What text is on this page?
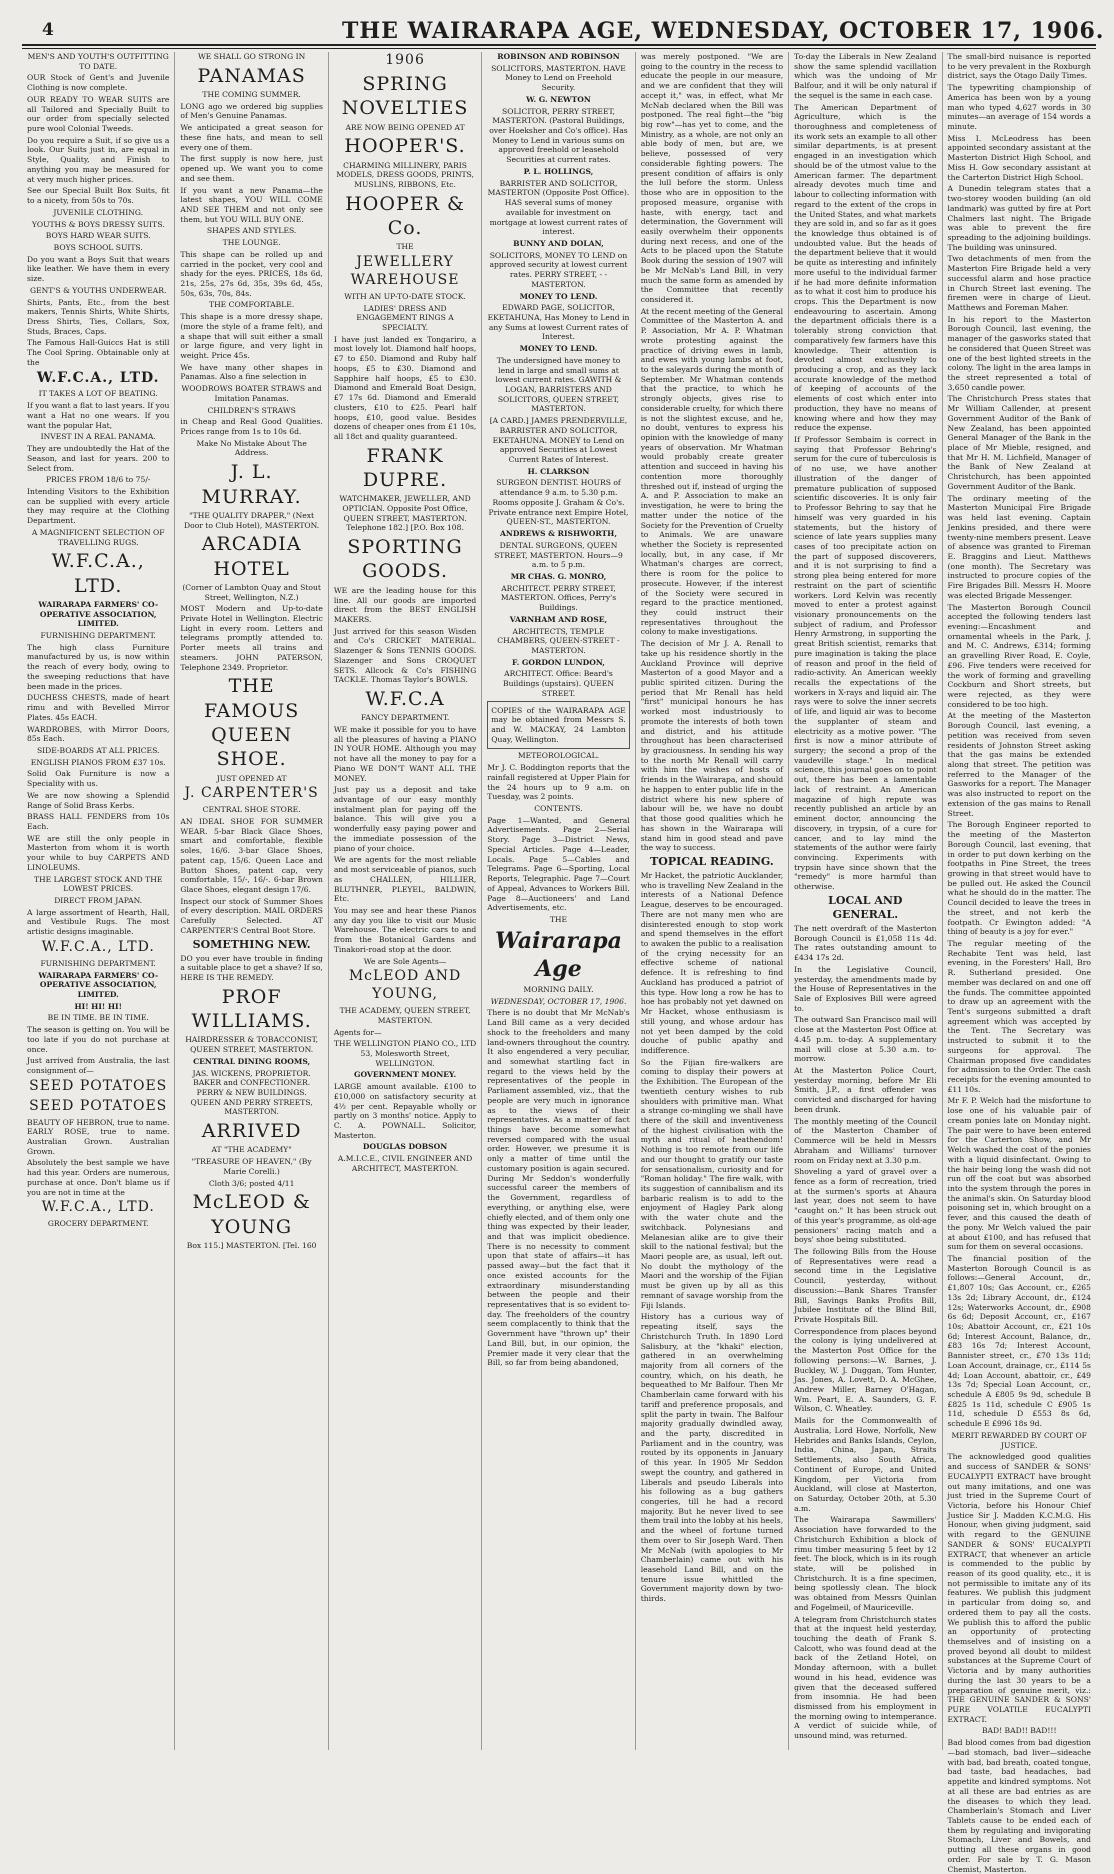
4	THE WAIRARAPA AGE, WEDNESDAY, OCTOBER 17, 1906.

MEN'S AND YOUTH'S OUTFITTING TO DATE.

OUR Stock of Gent's and Juvenile Clothing is now complete.

OUR READY TO WEAR SUITS are all Tailored and Specially Built to our order from specially selected pure wool Colonial Tweeds.

Do you require a Suit, if so give us a look. Our Suits just in, are equal in Style, Quality, and Finish to anything you may be measured for at very much higher prices.

See our Special Built Box Suits, fit to a nicety, from 50s to 70s.

JUVENILE CLOTHING.

YOUTHS & BOYS DRESSY SUITS.

BOYS HARD WEAR SUITS.

BOYS SCHOOL SUITS.

Do you want a Boys Suit that wears like leather. We have them in every size.

GENT'S & YOUTHS UNDERWEAR.

Shirts, Pants, Etc., from the best makers, Tennis Shirts, White Shirts, Dress Shirts, Ties, Collars, Sox, Studs, Braces, Caps.

The Famous Hall-Guiccs Hat is still The Cool Spring. Obtainable only at the

W.F.C.A., LTD.

IT TAKES A LOT OF BEATING.

If you want a flat to last years. If you want a Hat no one wears. If you want the popular Hat,

INVEST IN A REAL PANAMA.

They are undoubtedly the Hat of the Season, and last for years. 200 to Select from.

PRICES FROM 18/6 to 75/-

Intending Visitors to the Exhibition can be supplied with every article they may require at the Clothing Department.

A MAGNIFICENT SELECTION OF TRAVELLING RUGS.

W.F.C.A., LTD.

WAIRARAPA FARMERS' CO-OPERATIVE ASSOCIATION, LIMITED.

FURNISHING DEPARTMENT.

The high class Furniture manufactured by us, is now within the reach of every body, owing to the sweeping reductions that have been made in the prices.

DUCHESS CHESTS, made of heart rimu and with Bevelled Mirror Plates. 45s EACH.

WARDROBES, with Mirror Doors, 85s Each.

SIDE-BOARDS AT ALL PRICES.

ENGLISH PIANOS FROM £37 10s.

Solid Oak Furniture is now a Speciality with us.

We are now showing a Splendid Range of Solid Brass Kerbs.

BRASS HALL FENDERS from 10s Each.

WE are still the only people in Masterton from whom it is worth your while to buy CARPETS AND LINOLEUMS.

THE LARGEST STOCK AND THE LOWEST PRICES.

DIRECT FROM JAPAN.

A large assortment of Hearth, Hall, and Vestibule Rugs. The most artistic designs imaginable.

W.F.C.A., LTD.

FURNISHING DEPARTMENT.

WAIRARAPA FARMERS' CO-OPERATIVE ASSOCIATION, LIMITED.

HI! HI! HI!

BE IN TIME. BE IN TIME.

The season is getting on. You will be too late if you do not purchase at once.

Just arrived from Australia, the last consignment of—

SEED POTATOES

SEED POTATOES

BEAUTY OF HEBRON, true to name. EARLY ROSE, true to name. Australian Grown. Australian Grown.

Absolutely the best sample we have had this year. Orders are numerous, purchase at once. Don't blame us if you are not in time at the

W.F.C.A., LTD.

GROCERY DEPARTMENT.

WE SHALL GO STRONG IN

PANAMAS

THE COMING SUMMER.

LONG ago we ordered big supplies of Men's Genuine Panamas.

We anticipated a great season for these fine hats, and mean to sell every one of them.

The first supply is now here, just opened up. We want you to come and see them.

If you want a new Panama—the latest shapes, YOU WILL COME AND SEE THEM and not only see them, but YOU WILL BUY ONE.

SHAPES AND STYLES.

THE LOUNGE.

This shape can be rolled up and carried in the pocket, very cool and shady for the eyes. PRICES, 18s 6d, 21s, 25s, 27s 6d, 35s, 39s 6d, 45s, 50s, 63s, 70s, 84s.

THE COMFORTABLE.

This shape is a more dressy shape, (more the style of a frame felt), and a shape that will suit either a small or large figure, and very light in weight. Price 45s.

We have many other shapes in Panamas. Also a fine selection in

WOODROWS BOATER STRAWS and Imitation Panamas.

CHILDREN'S STRAWS

in Cheap and Real Good Qualities. Prices range from 1s to 10s 6d.

Make No Mistake About The Address.

J. L. MURRAY.

"THE QUALITY DRAPER," (Next Door to Club Hotel), MASTERTON.

ARCADIA HOTEL

(Corner of Lambton Quay and Stout Street, Wellington, N.Z.)

MOST Modern and Up-to-date Private Hotel in Wellington. Electric Light in every room. Letters and telegrams promptly attended to. Porter meets all trains and steamers. JOHN PATERSON, Telephone 2349. Proprietor.

THE FAMOUS QUEEN SHOE.

JUST OPENED AT

J. CARPENTER'S

CENTRAL SHOE STORE.

AN IDEAL SHOE FOR SUMMER WEAR. 5-bar Black Glace Shoes, smart and comfortable, flexible soles, 16/6. 3-bar Glace Shoes, patent cap, 15/6. Queen Lace and Button Shoes, patent cap, very comfortable, 15/-, 16/-. 6-bar Brown Glace Shoes, elegant design 17/6.

Inspect our stock of Summer Shoes of every description. MAIL ORDERS Carefully Selected. AT CARPENTER'S Central Boot Store.

SOMETHING NEW.

DO you ever have trouble in finding a suitable place to get a shave? If so, HERE IS THE REMEDY.

PROF WILLIAMS.

HAIRDRESSER & TOBACCONIST, QUEEN STREET, MASTERTON.

CENTRAL DINING ROOMS,

JAS. WICKENS, PROPRIETOR. BAKER and CONFECTIONER. PERRY & NEW BUILDINGS. QUEEN AND PERRY STREETS, MASTERTON.

ARRIVED

AT "THE ACADEMY"

"TREASURE OF HEAVEN," (By Marie Corelli.)

Cloth 3/6; posted 4/11

McLEOD & YOUNG

Box 115.] MASTERTON. [Tel. 160

1906

SPRING NOVELTIES

ARE NOW BEING OPENED AT

HOOPER'S.

CHARMING MILLINERY, PARIS MODELS, DRESS GOODS, PRINTS, MUSLINS, RIBBONS, Etc.

HOOPER & Co.

THE

JEWELLERY WAREHOUSE

WITH AN UP-TO-DATE STOCK.

LADIES' DRESS AND ENGAGEMENT RINGS A SPECIALTY.

I have just landed ex Tongariro, a most lovely lot. Diamond half hoops, £7 to £50. Diamond and Ruby half hoops, £5 to £30. Diamond and Sapphire half hoops, £5 to £30. Diamond and Emerald Boat Design, £7 17s 6d. Diamond and Emerald clusters, £10 to £25. Pearl half hoops, £10, good value. Besides dozens of cheaper ones from £1 10s, all 18ct and quality guaranteed.

FRANK DUPRE.

WATCHMAKER, JEWELLER, AND OPTICIAN. Opposite Post Office, QUEEN STREET, MASTERTON. Telephone 182.] [P.O. Box 108.

SPORTING GOODS.

WE are the leading house for this line. All our goods are imported direct from the BEST ENGLISH MAKERS.

Just arrived for this season Wisden and Co's CRICKET MATERIAL. Slazenger & Sons TENNIS GOODS. Slazenger and Sons CROQUET SETS. Allcock & Co's FISHING TACKLE. Thomas Taylor's BOWLS.

W.F.C.A

FANCY DEPARTMENT.

WE make it possible for you to have all the pleasures of having a PIANO IN YOUR HOME. Although you may not have all the money to pay for a Piano WE DON'T WANT ALL THE MONEY.

Just pay us a deposit and take advantage of our easy monthly instalment plan for paying off the balance. This will give you a wonderfully easy paying power and the immediate possession of the piano of your choice.

We are agents for the most reliable and most serviceable of pianos, such as CHALLEN, HILLIER, BLUTHNER, PLEYEL, BALDWIN, Etc.

You may see and hear these Pianos any day you like to visit our Music Warehouse. The electric cars to and from the Botanical Gardens and Tinakori-road stop at the door.

We are Sole Agents—

McLEOD AND YOUNG,

THE ACADEMY, QUEEN STREET, MASTERTON.

Agents for—

THE WELLINGTON PIANO CO., LTD 53, Molesworth Street, WELLINGTON.

GOVERNMENT MONEY.

LARGE amount available. £100 to £10,000 on satisfactory security at 4½ per cent. Repayable wholly or partly on 3 months' notice. Apply to C. A. POWNALL. Solicitor, Masterton.

DOUGLAS DOBSON

A.M.I.C.E., CIVIL ENGINEER AND ARCHITECT, MASTERTON.

ROBINSON AND ROBINSON

SOLICITORS, MASTERTON. HAVE Money to Lend on Freehold Security.

W. G. NEWTON

SOLICITOR, PERRY STREET, MASTERTON. (Pastoral Buildings, over Hoeksher and Co's office). Has Money to Lend in various sums on approved freehold or leasehold Securities at current rates.

P. L. HOLLINGS,

BARRISTER AND SOLICITOR, MASTERTON (Opposite Post Office). HAS several sums of money available for investment on mortgage at lowest current rates of interest.

BUNNY AND DOLAN,

SOLICITORS, MONEY TO LEND on approved security at lowest current rates. PERRY STREET, - - MASTERTON.

MONEY TO LEND.

EDWARD PAGE, SOLICITOR, EKETAHUNA, Has Money to Lend in any Sums at lowest Current rates of Interest.

MONEY TO LEND.

The undersigned have money to lend in large and small sums at lowest current rates. GAWITH & LOGAN, BARRISTERS AND SOLICITORS, QUEEN STREET, MASTERTON.

[A CARD.] JAMES PRENDERVILLE, BARRISTER AND SOLICITOR, EKETAHUNA. MONEY to Lend on approved Securities at Lowest Current Rates of Interest.

H. CLARKSON

SURGEON DENTIST. HOURS of attendance 9 a.m. to 5.30 p.m. Rooms opposite J. Graham & Co's. Private entrance next Empire Hotel, QUEEN-ST., MASTERTON.

ANDREWS & RISHWORTH,

DENTAL SURGEONS, QUEEN STREET, MASTERTON. Hours—9 a.m. to 5 p.m.

MR CHAS. G. MONRO,

ARCHITECT. PERRY STREET, MASTERTON. Offices, Perry's Buildings.

VARNHAM AND ROSE,

ARCHITECTS, TEMPLE CHAMBERS, QUEEN-STREET - MASTERTON.

F. GORDON LUNDON,

ARCHITECT. Office: Beard's Buildings (upstairs). QUEEN STREET.

COPIES of the WAIRARAPA AGE may be obtained from Messrs S. and W. MACKAY, 24 Lambton Quay, Wellington.

METEOROLOGICAL.

Mr J. C. Boddington reports that the rainfall registered at Upper Plain for the 24 hours up to 9 a.m. on Tuesday, was 2 points.

CONTENTS.

Page 1—Wanted, and General Advertisements. Page 2—Serial Story. Page 3—District News, Special Articles. Page 4—Leader, Locals. Page 5—Cables and Telegrams. Page 6—Sporting, Local Reports, Telegraphic. Page 7—Court of Appeal, Advances to Workers Bill. Page 8—Auctioneers' and Land Advertisements, etc.

THE

Wairarapa Age

MORNING DAILY.

WEDNESDAY, OCTOBER 17, 1906.

There is no doubt that Mr McNab's Land Bill came as a very decided shock to the freeholders and many land-owners throughout the country. It also engendered a very peculiar, and somewhat startling fact in regard to the views held by the representatives of the people in Parliament assembled, viz., that the people are very much in ignorance as to the views of their representatives. As a matter of fact things have become somewhat reversed compared with the usual order. However, we presume it is only a matter of time until the customary position is again secured. During Mr Seddon's wonderfully successful career the members of the Government, regardless of everything, or anything else, were chiefly elected, and of them only one thing was expected by their leader, and that was implicit obedience. There is no necessity to comment upon that state of affairs—it has passed away—but the fact that it once existed accounts for the extraordinary misunderstanding between the people and their representatives that is so evident to-day. The freeholders of the country seem complacently to think that the Government have "thrown up" their Land Bill, but, in our opinion, the Premier made it very clear that the Bill, so far from being abandoned,

was merely postponed. "We are going to the country in the recess to educate the people in our measure, and we are confident that they will accept it," was, in effect, what Mr McNab declared when the Bill was postponed. The real fight—the "big big row"—has yet to come, and the Ministry, as a whole, are not only an able body of men, but are, we believe, possessed of very considerable fighting powers. The present condition of affairs is only the lull before the storm. Unless those who are in opposition to the proposed measure, organise with haste, with energy, tact and determination, the Government will easily overwhelm their opponents during next recess, and one of the Acts to be placed upon the Statute Book during the session of 1907 will be Mr McNab's Land Bill, in very much the same form as amended by the Committee that recently considered it.

At the recent meeting of the General Committee of the Masterton A. and P. Association, Mr A. P. Whatman wrote protesting against the practice of driving ewes in lamb, and ewes with young lambs at foot, to the saleyards during the month of September. Mr Whatman contends that the practice, to which he strongly objects, gives rise to considerable cruelty, for which there is not the slightest excuse, and he, no doubt, ventures to express his opinion with the knowledge of many years of observation. Mr Whatman would probably create greater attention and succeed in having his contention more thoroughly threshed out if, instead of urging the A. and P. Association to make an investigation, he were to bring the matter under the notice of the Society for the Prevention of Cruelty to Animals. We are unaware whether the Society is represented locally, but, in any case, if Mr Whatman's charges are correct, there is room for the police to prosecute. However, if the interest of the Society were secured in regard to the practice mentioned, they could instruct their representatives throughout the colony to make investigations.

The decision of Mr J. A. Renall to take up his residence shortly in the Auckland Province will deprive Masterton of a good Mayor and a public spirited citizen. During the period that Mr Renall has held "first" municipal honours he has worked most industriously to promote the interests of both town and district, and his attitude throughout has been characterised by graciousness. In sending his way to the north Mr Renall will carry with him the wishes of hosts of friends in the Wairarapa, and should he happen to enter public life in the district where his new sphere of labour will be, we have no doubt that those good qualities which he has shown in the Wairarapa will stand him in good stead and pave the way to success.

TOPICAL READING.

Mr Hacket, the patriotic Aucklander, who is travelling New Zealand in the interests of a National Defence League, deserves to be encouraged. There are not many men who are disinterested enough to stop work and spend themselves in the effort to awaken the public to a realisation of the crying necessity for an effective scheme of national defence. It is refreshing to find Auckland has produced a patriot of this type. How long a row he has to hoe has probably not yet dawned on Mr Hacket, whose enthusiasm is still young, and whose ardour has not yet been damped by the cold douche of public apathy and indifference.

So the Fijian fire-walkers are coming to display their powers at the Exhibition. The European of the twentieth century wishes to rub shoulders with primitive man. What a strange co-mingling we shall have there of the skill and inventiveness of the highest civilisation with the myth and ritual of heathendom! Nothing is too remote from our life and our thought to gratify our taste for sensationalism, curiosity and for "Roman holiday." The fire walk, with its suggestion of cannibalism and its barbaric realism is to add to the enjoyment of Hagley Park along with the water chute and the switchback. Polynesians and Melanesian alike are to give their skill to the national festival; but the Maori people are, as usual, left out. No doubt the mythology of the Maori and the worship of the Fijian must be given up by all as this remnant of savage worship from the Fiji Islands.

History has a curious way of repeating itself, says the Christchurch Truth. In 1890 Lord Salisbury, at the "khaki" election, gathered in an overwhelming majority from all corners of the country, which, on his death, he bequeathed to Mr Balfour. Then Mr Chamberlain came forward with his tariff and preference proposals, and split the party in twain. The Balfour majority gradually dwindled away, and the party, discredited in Parliament and in the country, was routed by its opponents in January of this year. In 1905 Mr Seddon swept the country, and gathered in Liberals and pseudo Liberals into his following as a bug gathers congeries, till he had a record majority. But he never lived to see them trail into the lobby at his heels, and the wheel of fortune turned them over to Sir Joseph Ward. Then Mr McNab (with apologies to Mr Chamberlain) came out with his leasehold Land Bill, and on the tenure issue whittled the Government majority down by two-thirds.

To-day the Liberals in New Zealand show the same splendid vacillation which was the undoing of Mr Balfour, and it will be only natural if the sequel is the same in each case.

The American Department of Agriculture, which is the thoroughness and completeness of its work sets an example to all other similar departments, is at present engaged in an investigation which should be of the utmost value to the American farmer. The department already devotes much time and labour to collecting information with regard to the extent of the crops in the United States, and what markets they are sold in, and so far as it goes the knowledge thus obtained is of undoubted value. But the heads of the department believe that it would be quite as interesting and infinitely more useful to the individual farmer if he had more definite information as to what it cost him to produce his crops. This the Department is now endeavouring to ascertain. Among the department officials there is a tolerably strong conviction that comparatively few farmers have this knowledge. Their attention is devoted almost exclusively to producing a crop, and as they lack accurate knowledge of the method of keeping of accounts of the elements of cost which enter into production, they have no means of knowing where and how they may reduce the expense.

If Professor Sembaim is correct in saying that Professor Behring's serum for the cure of tuberculosis is of no use, we have another illustration of the danger of premature publication of supposed scientific discoveries. It is only fair to Professor Behring to say that he himself was very guarded in his statements, but the history of science of late years supplies many cases of too precipitate action on the part of supposed discoverers, and it is not surprising to find a strong plea being entered for more restraint on the part of scientific workers. Lord Kelvin was recently moved to enter a protest against visionary pronouncements on the subject of radium, and Professor Henry Armstrong, in supporting the great British scientist, remarks that pure imagination is taking the place of reason and proof in the field of radio-activity. An American weekly recalls the expectations of the workers in X-rays and liquid air. The rays were to solve the inner secrets of life, and liquid air was to become the supplanter of steam and electricity as a motive power. "The first is now a minor attribute of surgery; the second a prop of the vaudeville stage." In medical science, this journal goes on to point out, there has been a lamentable lack of restraint. An American magazine of high repute was recently published an article by an eminent doctor, announcing the discovery, in trypsin, of a cure for cancer, and to lay mind the statements of the author were fairly convincing. Experiments with trypsin have since shown that the "remedy" is more harmful than otherwise.

LOCAL AND GENERAL.

The nett overdraft of the Masterton Borough Council is £1,058 11s 4d. The rates outstanding amount to £434 17s 2d.

In the Legislative Council, yesterday, the amendments made by the House of Representatives in the Sale of Explosives Bill were agreed to.

The outward San Francisco mail will close at the Masterton Post Office at 4.45 p.m. to-day. A supplementary mail will close at 5.30 a.m. to-morrow.

At the Masterton Police Court, yesterday morning, before Mr Eli Smith, J.P., a first offender was convicted and discharged for having been drunk.

The monthly meeting of the Council of the Masterton Chamber of Commerce will be held in Messrs Abraham and Williams' turnover room on Friday next at 3.30 p.m.

Shoveling a yard of gravel over a fence as a form of recreation, tried at the surmen's sports at Ahaura last year, does not seem to have "caught on." It has been struck out of this year's programme, as old-age pensioners' racing match and a boys' shoe being substituted.

The following Bills from the House of Representatives were read a second time in the Legislative Council, yesterday, without discussion:—Bank Shares Transfer Bill, Savings Banks Profits Bill, Jubilee Institute of the Blind Bill, Private Hospitals Bill.

Correspondence from places beyond the colony is lying undelivered at the Masterton Post Office for the following persons:—W. Barnes, J. Buckley, W. J. Duggan, Tom Hunter, Jas. Jones, A. Lovett, D. A. McGhee, Andrew Miller, Barney O'Hagan, Wm. Peart, E. A. Saunders, G. F. Wilson, C. Wheatley.

Mails for the Commonwealth of Australia, Lord Howe, Norfolk, New Hebrides and Banks Islands, Ceylon, India, China, Japan, Straits Settlements, also South Africa, Continent of Europe, and United Kingdom, per Victoria from Auckland, will close at Masterton, on Saturday, October 20th, at 5.30 a.m.

The Wairarapa Sawmillers' Association have forwarded to the Christchurch Exhibition a block of rimu timber measuring 5 feet by 12 feet. The block, which is in its rough state, will be polished in Christchurch. It is a fine specimen, being spotlessly clean. The block was obtained from Messrs Quinlan and Fogelmeil, of Mauriceville.

A telegram from Christchurch states that at the inquest held yesterday, touching the death of Frank S. Calcott, who was found dead at the back of the Zetland Hotel, on Monday afternoon, with a bullet wound in his head, evidence was given that the deceased suffered from insomnia. He had been dismissed from his employment in the morning owing to intemperance. A verdict of suicide while, of unsound mind, was returned.

The small-bird nuisance is reported to be very prevalent in the Roxburgh district, says the Otago Daily Times.

The typewriting championship of America has been won by a young man who typed 4,627 words in 30 minutes—an average of 154 words a minute.

Miss I. McLeodress has been appointed secondary assistant at the Masterton District High School, and Miss H. Gow secondary assistant at the Carterton District High School.

A Dunedin telegram states that a two-storey wooden building (an old landmark) was gutted by fire at Port Chalmers last night. The Brigade was able to prevent the fire spreading to the adjoining buildings. The building was uninsured.

Two detachments of men from the Masterton Fire Brigade held a very successful alarm and hose practice in Church Street last evening. The firemen were in charge of Lieut. Matthews and Foreman Maher.

In his report to the Masterton Borough Council, last evening, the manager of the gasworks stated that he considered that Queen Street was one of the best lighted streets in the colony. The light in the area lamps in the street represented a total of 3,650 candle power.

The Christchurch Press states that Mr William Callender, at present Government Auditor of the Bank of New Zealand, has been appointed General Manager of the Bank in the place of Mr Mieble, resigned, and that Mr H. M. Lichfield, Manager of the Bank of New Zealand at Christchurch, has been appointed Government Auditor of the Bank.

The ordinary meeting of the Masterton Municipal Fire Brigade was held last evening. Captain Jenkins presided, and there were twenty-nine members present. Leave of absence was granted to Fireman E. Braggins and Lieut. Matthews (one month). The Secretary was instructed to procure copies of the Fire Brigades Bill. Messrs H. Moore was elected Brigade Messenger.

The Masterton Borough Council accepted the following tenders last evening:—Encashment and ornamental wheels in the Park, J. and M. C. Andrews, £314; forming an gravelling River Road, E. Coyle, £96. Five tenders were received for the work of forming and gravelling Cockburn and Short streets, but were rejected, as they were considered to be too high.

At the meeting of the Masterton Borough Council, last evening, a petition was received from seven residents of Johnston Street asking that the gas mains be extended along that street. The petition was referred to the Manager of the Gasworks for a report. The Manager was also instructed to report on the extension of the gas mains to Renall Street.

The Borough Engineer reported to the meeting of the Masterton Borough Council, last evening, that in order to put down kerbing on the footpaths in Pine Street, the trees growing in that street would have to be pulled out. He asked the Council what he should do in the matter. The Council decided to leave the trees in the street, and not kerb the footpath. Cr Ewington added: "A thing of beauty is a joy for ever."

The regular meeting of the Rechabite Tent was held, last evening, in the Foresters' Hall, Bro R. Sutherland presided. One member was declared on and one off the funds. The committee appointed to draw up an agreement with the Tent's surgeons submitted a draft agreement which was accepted by the Tent. The Secretary was instructed to submit it to the surgeons for approval. The Chairman proposed five candidates for admission to the Order. The cash receipts for the evening amounted to £11 10s.

Mr F. P. Welch had the misfortune to lose one of his valuable pair of cream ponies late on Monday night. The pair were to have been entered for the Carterton Show, and Mr Welch washed the coat of the ponies with a liquid disinfectant. Owing to the hair being long the wash did not run off the coat but was absorbed into the system through the pores in the animal's skin. On Saturday blood poisoning set in, which brought on a fever, and this caused the death of the pony. Mr Welch valued the pair at about £100, and has refused that sum for them on several occasions.

The financial position of the Masterton Borough Council is as follows:—General Account, dr., £1,807 10s; Gas Account, cr., £265 13s 2d; Library Account, dr., £124 12s; Waterworks Account, dr., £908 6s 6d; Deposit Account, cr., £167 10s; Abattoir Account, cr., £21 10s 6d; Interest Account, Balance, dr., £83 16s 7d; Interest Account, Bannister street, cr., £70 13s 11d; Loan Account, drainage, cr., £114 5s 4d; Loan Account, abattoir, cr., £49 13s 7d; Special Loan Account, cr., schedule A £805 9s 9d, schedule B £825 1s 11d, schedule C £905 1s 11d, schedule D £553 8s 6d, schedule E £996 18s 9d.

MERIT REWARDED BY COURT OF JUSTICE.

The acknowledged good qualities and success of SANDER & SONS' EUCALYPTI EXTRACT have brought out many imitations, and one was just tried in the Supreme Court of Victoria, before his Honour Chief Justice Sir J. Madden K.C.M.G. His Honour, when giving judgment, said with regard to the GENUINE SANDER & SONS' EUCALYPTI EXTRACT, that whenever an article is commended to the public by reason of its good quality, etc., it is not permissible to imitate any of its features. We publish this judgment in particular from doing so, and ordered them to pay all the costs. We publish this to afford the public an opportunity of protecting themselves and of insisting on a proved beyond all doubt to mildest substances at the Supreme Court of Victoria and by many authorities during the last 30 years to be a preparation of genuine merit, viz.: THE GENUINE SANDER & SONS' PURE VOLATILE EUCALYPTI EXTRACT.

BAD! BAD!! BAD!!!

Bad blood comes from bad digestion—bad stomach, bad liver—sideache with bad, bad breath, coated tongue, bad taste, bad headaches, bad appetite and kindred symptoms. Not at all these are bad entries as are the diseases to which they lead. Chamberlain's Stomach and Liver Tablets cause to be ended each of them by regulating and invigorating Stomach, Liver and Bowels, and putting all these organs in good order. For sale by T. G. Mason Chemist, Masterton.
